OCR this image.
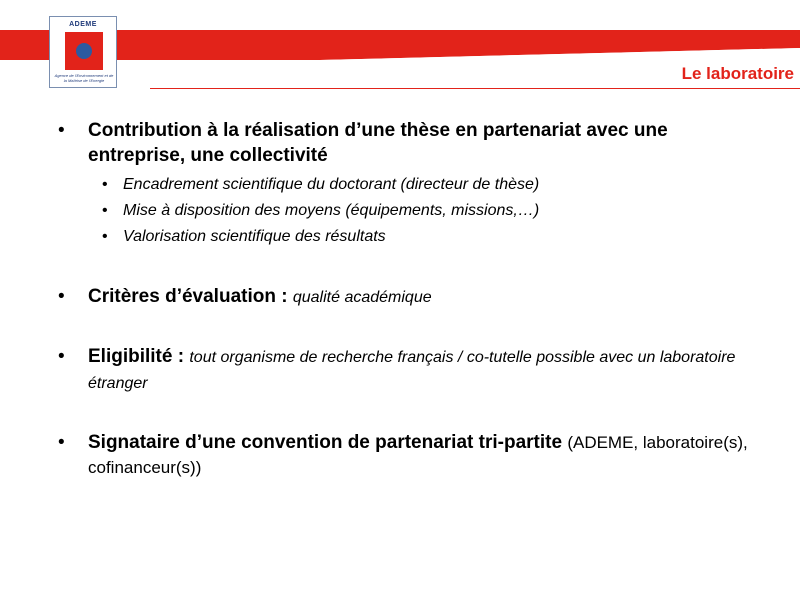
ADEME
Agence de l'Environnement et de la Maîtrise de l'Energie	Le laboratoire
• Contribution à la réalisation d’une thèse en partenariat avec une entreprise, une collectivité
• Encadrement scientifique du doctorant (directeur de thèse)
• Mise à disposition des moyens (équipements, missions,…)
• Valorisation scientifique des résultats
• Critères d’évaluation : qualité académique
• Eligibilité : tout organisme de recherche français / co-tutelle possible avec un laboratoire étranger
• Signataire d’une convention de partenariat tri-partite (ADEME, laboratoire(s), cofinanceur(s))
